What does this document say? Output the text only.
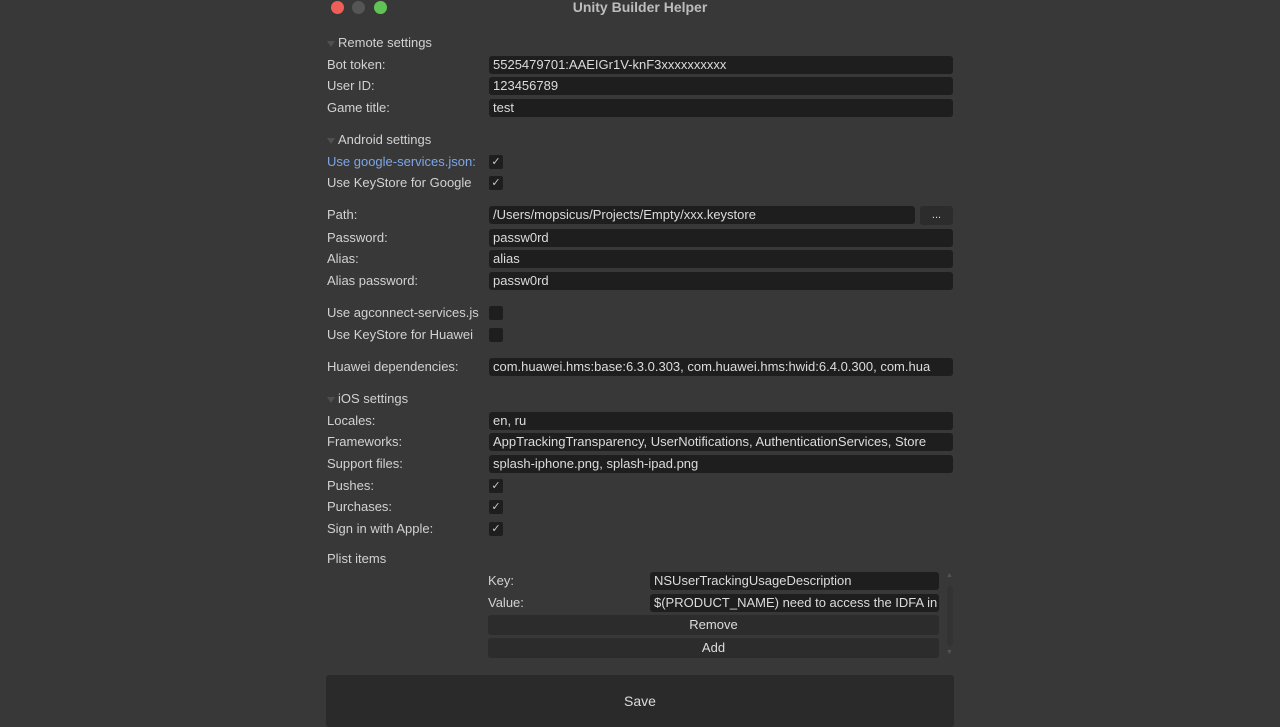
Unity Builder Helper
Remote settings
Bot token:	5525479701:AAEIGr1V-knF3xxxxxxxxxx
User ID:	123456789
Game title:	test
Android settings
Use google-services.json: ✓
Use KeyStore for Google ✓
Path:	/Users/mopsicus/Projects/Empty/xxx.keystore	...
Password:	passw0rd
Alias:	alias
Alias password:	passw0rd
Use agconnect-services.js
Use KeyStore for Huawei
Huawei dependencies:	com.huawei.hms:base:6.3.0.303, com.huawei.hms:hwid:6.4.0.300, com.hua
iOS settings
Locales:	en, ru
Frameworks:	AppTrackingTransparency, UserNotifications, AuthenticationServices, Store
Support files:	splash-iphone.png, splash-ipad.png
Pushes:	✓
Purchases:	✓
Sign in with Apple:	✓
Plist items
Key:	NSUserTrackingUsageDescription
Value:	$(PRODUCT_NAME) need to access the IDFA in
Remove
Add
▲
▼
Save
